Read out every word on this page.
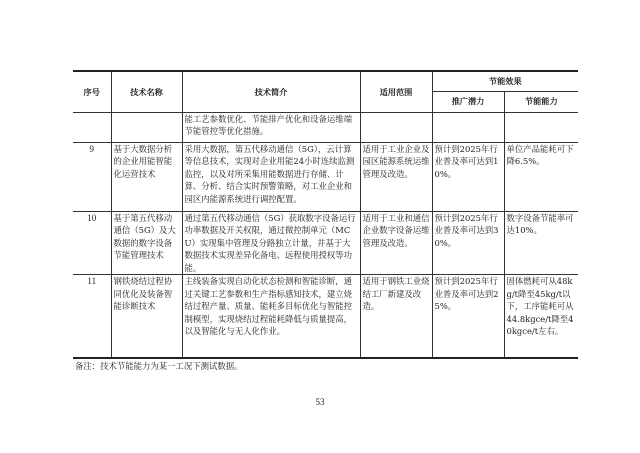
序号	技术名称	技术简介	适用范围	节能效果	
				推广潜力	节能能力
		能工艺参数优化、节能排产优化和设备运维端节能管控等优化措施。			
9	基于大数据分析的企业用能智能化运营技术	采用大数据，第五代移动通信（5G），云计算等信息技术，实现对企业用能24小时连续监测监控，以及对所采集用能数据进行存储、计算、分析、结合实时预警策略，对工业企业和园区内能源系统进行调控配置。	适用于工业企业及园区能源系统运维管理及改造。	预计到2025年行业普及率可达到10%。	单位产品能耗可下降6.5%。
10	基于第五代移动通信（5G）及大数据的数字设备节能管理技术	通过第五代移动通信（5G）获取数字设备运行功率数据及开关权限，通过微控制单元（MCU）实现集中管理及分路独立计量，并基于大数据技术实现差异化备电、远程使用授权等功能。	适用于工业和通信企业数字设备运维管理及改造。	预计到2025年行业普及率可达到30%。	数字设备节能率可达10%。
11	钢铁烧结过程协同优化及装备智能诊断技术	主线装备实现自动化状态检测和智能诊断，通过关键工艺参数和生产指标感知技术，建立烧结过程产量、质量、能耗多目标优化与智能控制模型，实现烧结过程能耗降低与质量提高，以及智能化与无人化作业。	适用于钢铁工业烧结工厂新建及改造。	预计到2025年行业普及率可达到25%。	固体燃耗可从48kg/t降至45kg/t以下，工序能耗可从44.8kgce/t降至40kgce/t左右。
备注：技术节能能力为某一工况下测试数据。
53
